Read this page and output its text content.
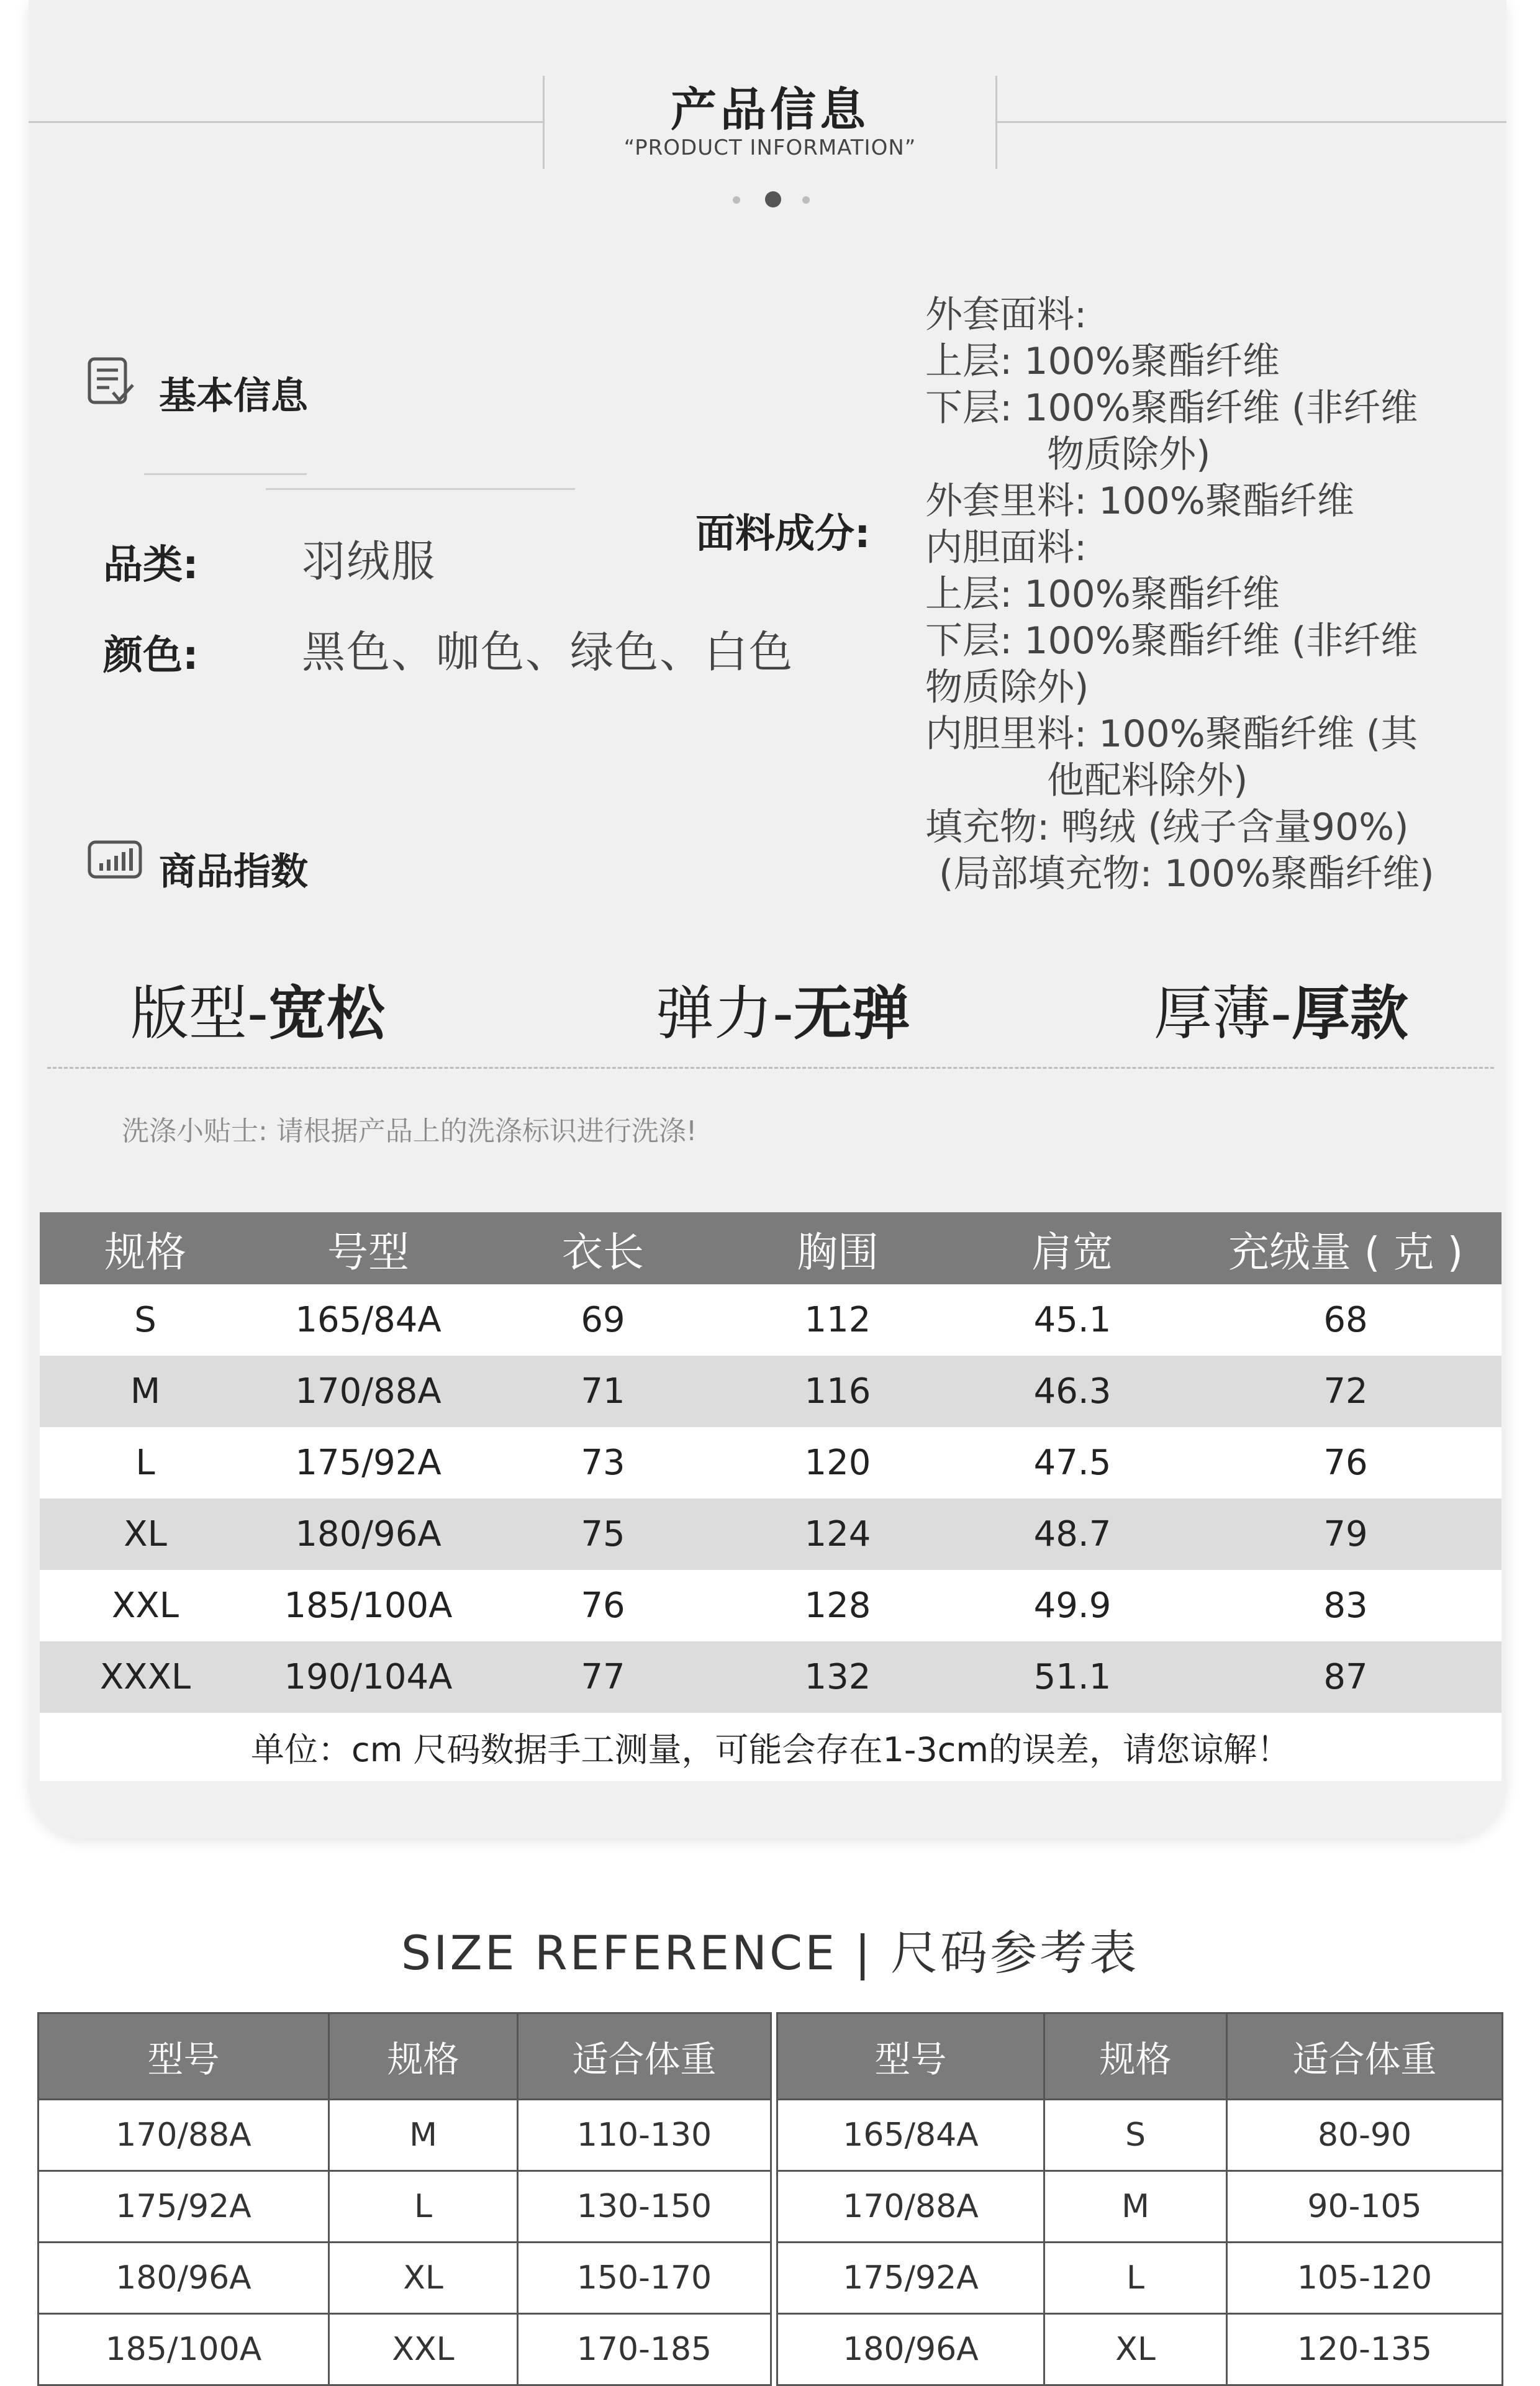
产品信息
“PRODUCT INFORMATION”
基本信息
品类: 羽绒服
颜色: 黑色、咖色、绿色、白色
面料成分:
外套面料:
上层: 100%聚酯纤维
下层: 100%聚酯纤维 (非纤维
物质除外)
外套里料: 100%聚酯纤维
内胆面料:
上层: 100%聚酯纤维
下层: 100%聚酯纤维 (非纤维
物质除外)
内胆里料: 100%聚酯纤维 (其
他配料除外)
填充物: 鸭绒 (绒子含量90%)
(局部填充物: 100%聚酯纤维)
商品指数
版型-宽松	弹力-无弹	厚薄-厚款
洗涤小贴士: 请根据产品上的洗涤标识进行洗涤!
规格	号型	衣长	胸围	肩宽	充绒量 ( 克 )
S	165/84A	69	112	45.1	68
M	170/88A	71	116	46.3	72
L	175/92A	73	120	47.5	76
XL	180/96A	75	124	48.7	79
XXL	185/100A	76	128	49.9	83
XXXL	190/104A	77	132	51.1	87
单位：cm 尺码数据手工测量，可能会存在1-3cm的误差，请您谅解！					
SIZE REFERENCE | 尺码参考表
型号	规格	适合体重
170/88A	M	110-130
175/92A	L	130-150
180/96A	XL	150-170
185/100A	XXL	170-185
型号	规格	适合体重
165/84A	S	80-90
170/88A	M	90-105
175/92A	L	105-120
180/96A	XL	120-135
